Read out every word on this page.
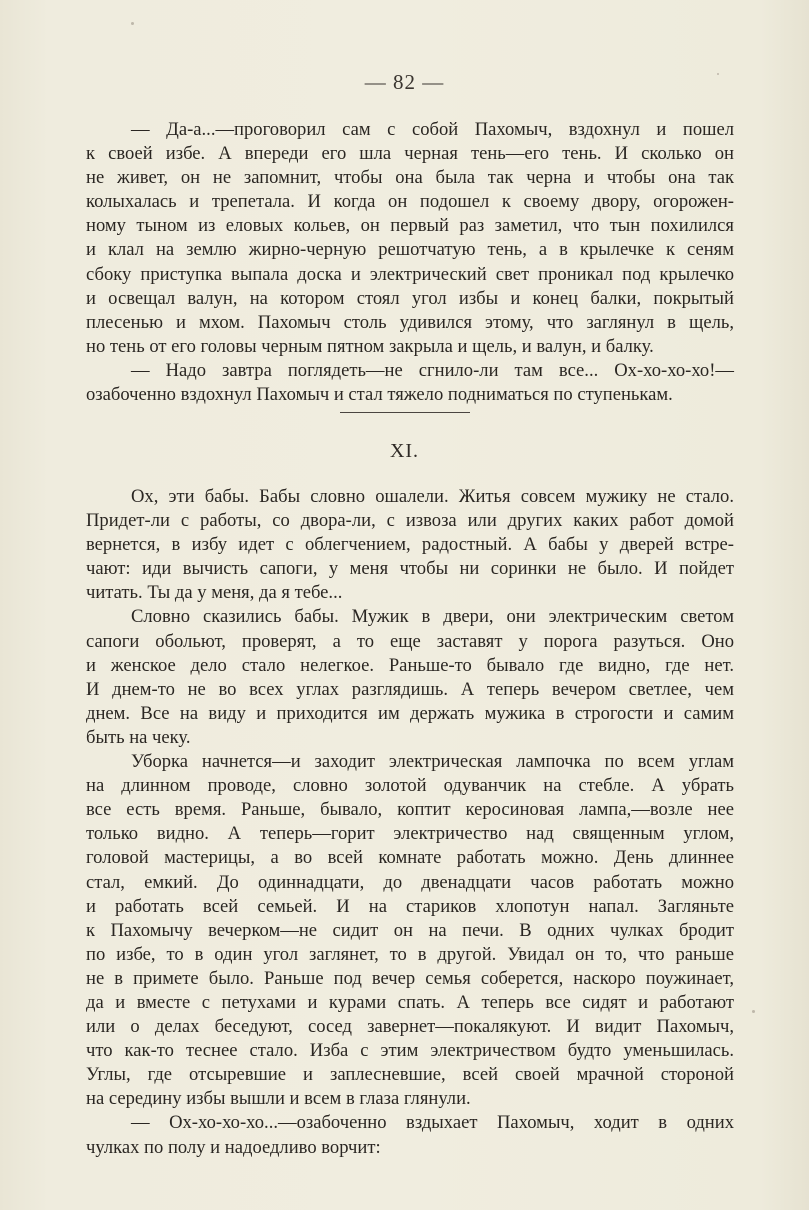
— 82 —

— Да-а...—проговорил сам с собой Пахомыч, вздохнул и пошел

к своей избе. А впереди его шла черная тень—его тень. И сколько он

не живет, он не запомнит, чтобы она была так черна и чтобы она так

колыхалась и трепетала. И когда он подошел к своему двору, огорожен-

ному тыном из еловых кольев, он первый раз заметил, что тын похилился

и клал на землю жирно-черную решотчатую тень, а в крылечке к сеням

сбоку приступка выпала доска и электрический свет проникал под крылечко

и освещал валун, на котором стоял угол избы и конец балки, покрытый

плесенью и мхом. Пахомыч столь удивился этому, что заглянул в щель,

но тень от его головы черным пятном закрыла и щель, и валун, и балку.

— Надо завтра поглядеть—не сгнило-ли там все... Ох-хо-хо-хо!—

озабоченно вздохнул Пахомыч и стал тяжело подниматься по ступенькам.

XI.

Ох, эти бабы. Бабы словно ошалели. Житья совсем мужику не стало.

Придет-ли с работы, со двора-ли, с извоза или других каких работ домой

вернется, в избу идет с облегчением, радостный. А бабы у дверей встре-

чают: иди вычисть сапоги, у меня чтобы ни соринки не было. И пойдет

читать. Ты да у меня, да я тебе...

Словно сказились бабы. Мужик в двери, они электрическим светом

сапоги обольют, проверят, а то еще заставят у порога разуться. Оно

и женское дело стало нелегкое. Раньше-то бывало где видно, где нет.

И днем-то не во всех углах разглядишь. А теперь вечером светлее, чем

днем. Все на виду и приходится им держать мужика в строгости и самим

быть на чеку.

Уборка начнется—и заходит электрическая лампочка по всем углам

на длинном проводе, словно золотой одуванчик на стебле. А убрать

все есть время. Раньше, бывало, коптит керосиновая лампа,—возле нее

только видно. А теперь—горит электричество над священным углом,

головой мастерицы, а во всей комнате работать можно. День длиннее

стал, емкий. До одиннадцати, до двенадцати часов работать можно

и работать всей семьей. И на стариков хлопотун напал. Загляньте

к Пахомычу вечерком—не сидит он на печи. В одних чулках бродит

по избе, то в один угол заглянет, то в другой. Увидал он то, что раньше

не в примете было. Раньше под вечер семья соберется, наскоро поужинает,

да и вместе с петухами и курами спать. А теперь все сидят и работают

или о делах беседуют, сосед завернет—покалякуют. И видит Пахомыч,

что как-то теснее стало. Изба с этим электричеством будто уменьшилась.

Углы, где отсыревшие и заплесневшие, всей своей мрачной стороной

на середину избы вышли и всем в глаза глянули.

— Ох-хо-хо-хо...—озабоченно вздыхает Пахомыч, ходит в одних

чулках по полу и надоедливо ворчит:
